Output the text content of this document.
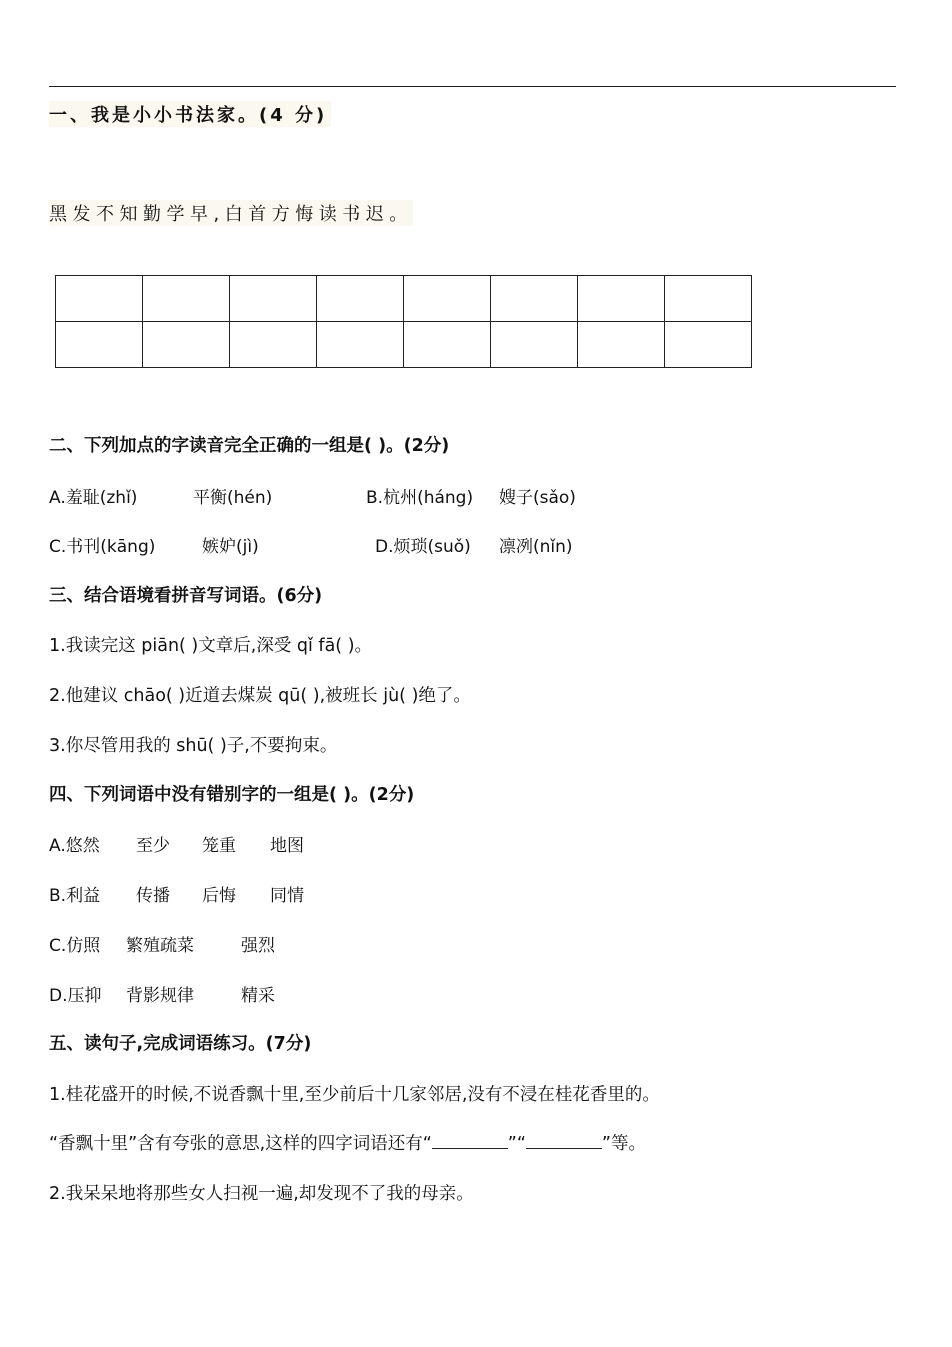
一、我是小小书法家。(4 分)
黑发不知勤学早,白首方悔读书迟。

二、下列加点的字读音完全正确的一组是( )。(2分)
A.羞耻(zhǐ)	平衡(hén)	B.杭州(háng) 嫂子(sǎo)
C.书刊(kāng)	嫉妒(jì)	D.烦琐(suǒ) 凛冽(nǐn)
三、结合语境看拼音写词语。(6分)
1.我读完这 piān( )文章后,深受 qǐ fā( )。
2.他建议 chāo( )近道去煤炭 qū( ),被班长 jù( )绝了。
3.你尽管用我的 shū( )子,不要拘束。
四、下列词语中没有错别字的一组是( )。(2分)
A.悠然 至少 笼重 地图
B.利益 传播 后悔 同情
C.仿照 繁殖疏菜	强烈
D.压抑 背影规律	精采
五、读句子,完成词语练习。(7分)
1.桂花盛开的时候,不说香飘十里,至少前后十几家邻居,没有不浸在桂花香里的。
“香飘十里”含有夸张的意思,这样的四字词语还有“	”“	”等。
2.我呆呆地将那些女人扫视一遍,却发现不了我的母亲。
